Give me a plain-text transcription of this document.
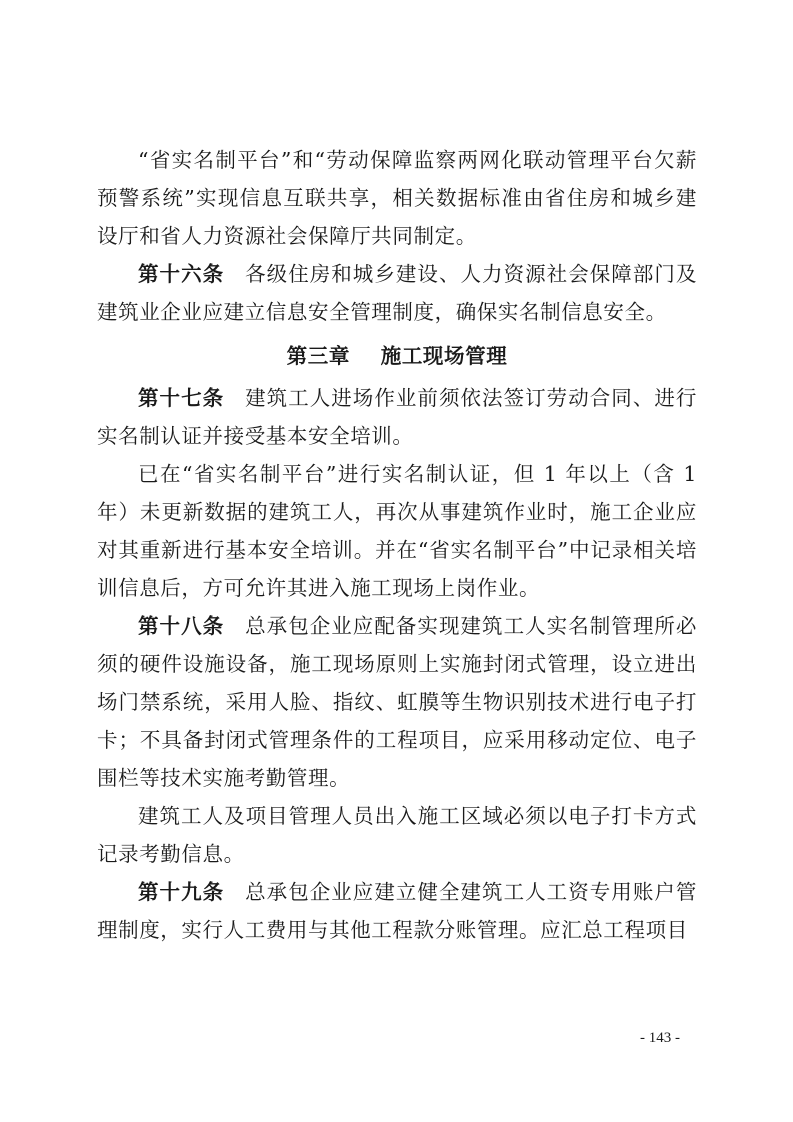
“省实名制平台”和“劳动保障监察两网化联动管理平台欠薪预警系统”实现信息互联共享，相关数据标准由省住房和城乡建设厅和省人力资源社会保障厅共同制定。

第十六条 各级住房和城乡建设、人力资源社会保障部门及建筑业企业应建立信息安全管理制度，确保实名制信息安全。

第三章 施工现场管理

第十七条 建筑工人进场作业前须依法签订劳动合同、进行实名制认证并接受基本安全培训。

已在“省实名制平台”进行实名制认证，但 1 年以上（含 1 年）未更新数据的建筑工人，再次从事建筑作业时，施工企业应对其重新进行基本安全培训。并在“省实名制平台”中记录相关培训信息后，方可允许其进入施工现场上岗作业。

第十八条 总承包企业应配备实现建筑工人实名制管理所必须的硬件设施设备，施工现场原则上实施封闭式管理，设立进出场门禁系统，采用人脸、指纹、虹膜等生物识别技术进行电子打卡；不具备封闭式管理条件的工程项目，应采用移动定位、电子围栏等技术实施考勤管理。

建筑工人及项目管理人员出入施工区域必须以电子打卡方式记录考勤信息。

第十九条 总承包企业应建立健全建筑工人工资专用账户管理制度，实行人工费用与其他工程款分账管理。应汇总工程项目

- 143 -
